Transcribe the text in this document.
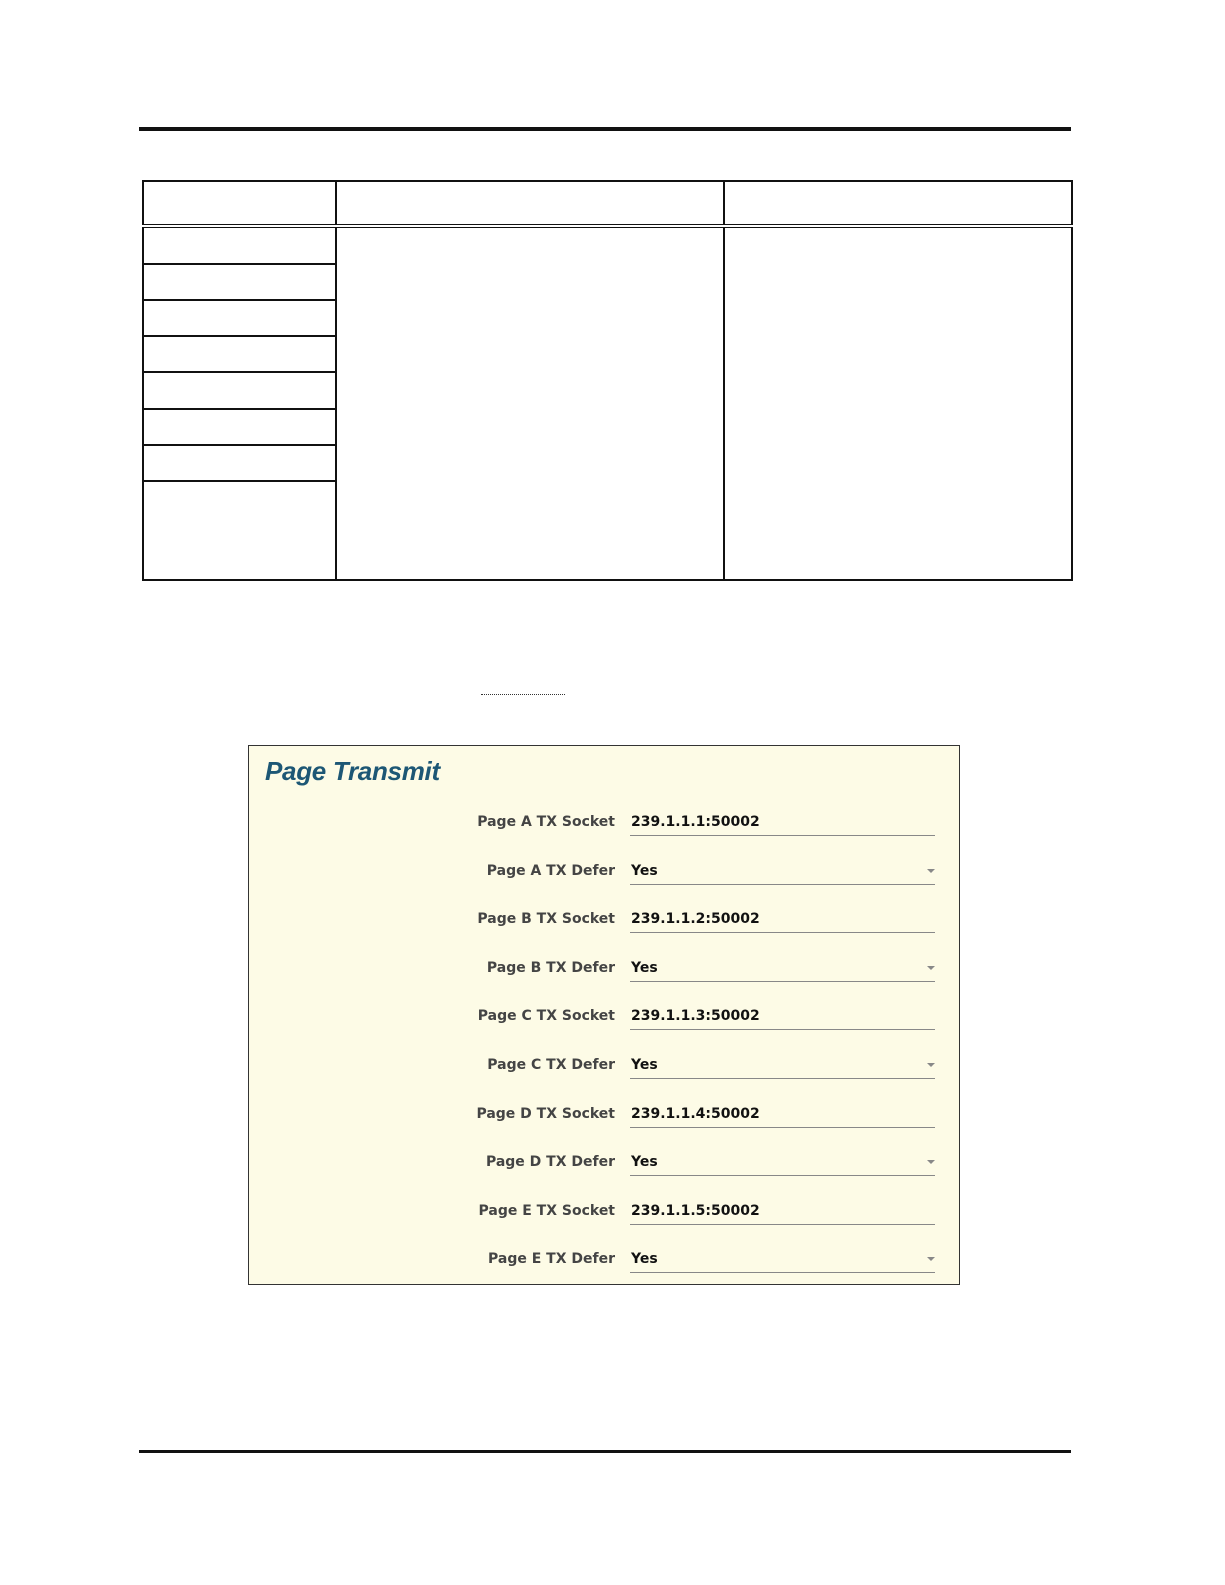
Page Transmit
Page A TX Socket 239.1.1.1:50002
Page A TX Defer Yes
Page B TX Socket 239.1.1.2:50002
Page B TX Defer Yes
Page C TX Socket 239.1.1.3:50002
Page C TX Defer Yes
Page D TX Socket 239.1.1.4:50002
Page D TX Defer Yes
Page E TX Socket 239.1.1.5:50002
Page E TX Defer Yes
